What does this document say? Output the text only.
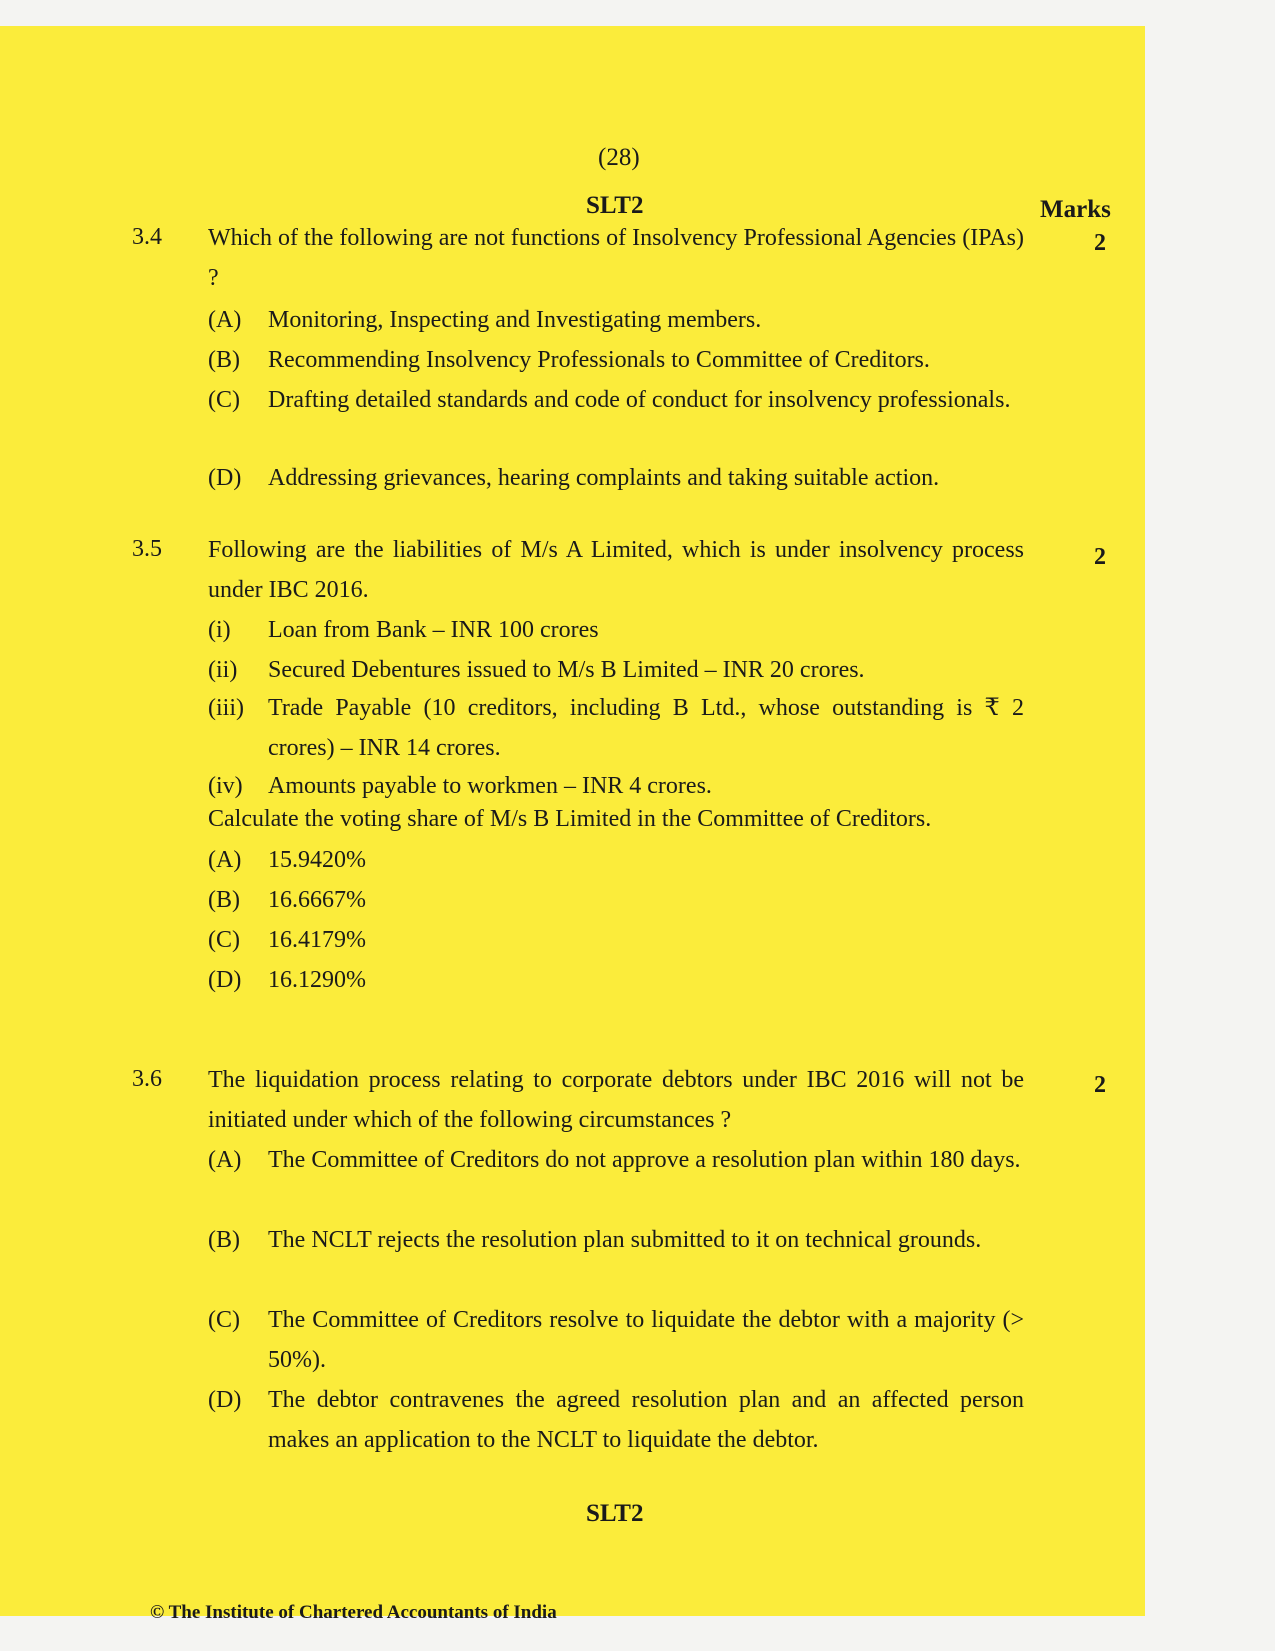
(28)
SLT2	Marks
3.4	2
Which of the following are not functions of Insolvency Professional Agencies (IPAs) ?
(A) Monitoring, Inspecting and Investigating members.
(B) Recommending Insolvency Professionals to Committee of Creditors.
(C) Drafting detailed standards and code of conduct for insolvency professionals.
(D) Addressing grievances, hearing complaints and taking suitable action.
3.5	2
Following are the liabilities of M/s A Limited, which is under insolvency process under IBC 2016.
(i) Loan from Bank – INR 100 crores
(ii) Secured Debentures issued to M/s B Limited – INR 20 crores.
(iii) Trade Payable (10 creditors, including B Ltd., whose outstanding is ₹ 2 crores) – INR 14 crores.
(iv) Amounts payable to workmen – INR 4 crores.
Calculate the voting share of M/s B Limited in the Committee of Creditors.
(A) 15.9420%
(B) 16.6667%
(C) 16.4179%
(D) 16.1290%
3.6	2
The liquidation process relating to corporate debtors under IBC 2016 will not be initiated under which of the following circumstances ?
(A) The Committee of Creditors do not approve a resolution plan within 180 days.
(B) The NCLT rejects the resolution plan submitted to it on technical grounds.
(C) The Committee of Creditors resolve to liquidate the debtor with a majority (> 50%).
(D) The debtor contravenes the agreed resolution plan and an affected person makes an application to the NCLT to liquidate the debtor.
SLT2
© The Institute of Chartered Accountants of India
